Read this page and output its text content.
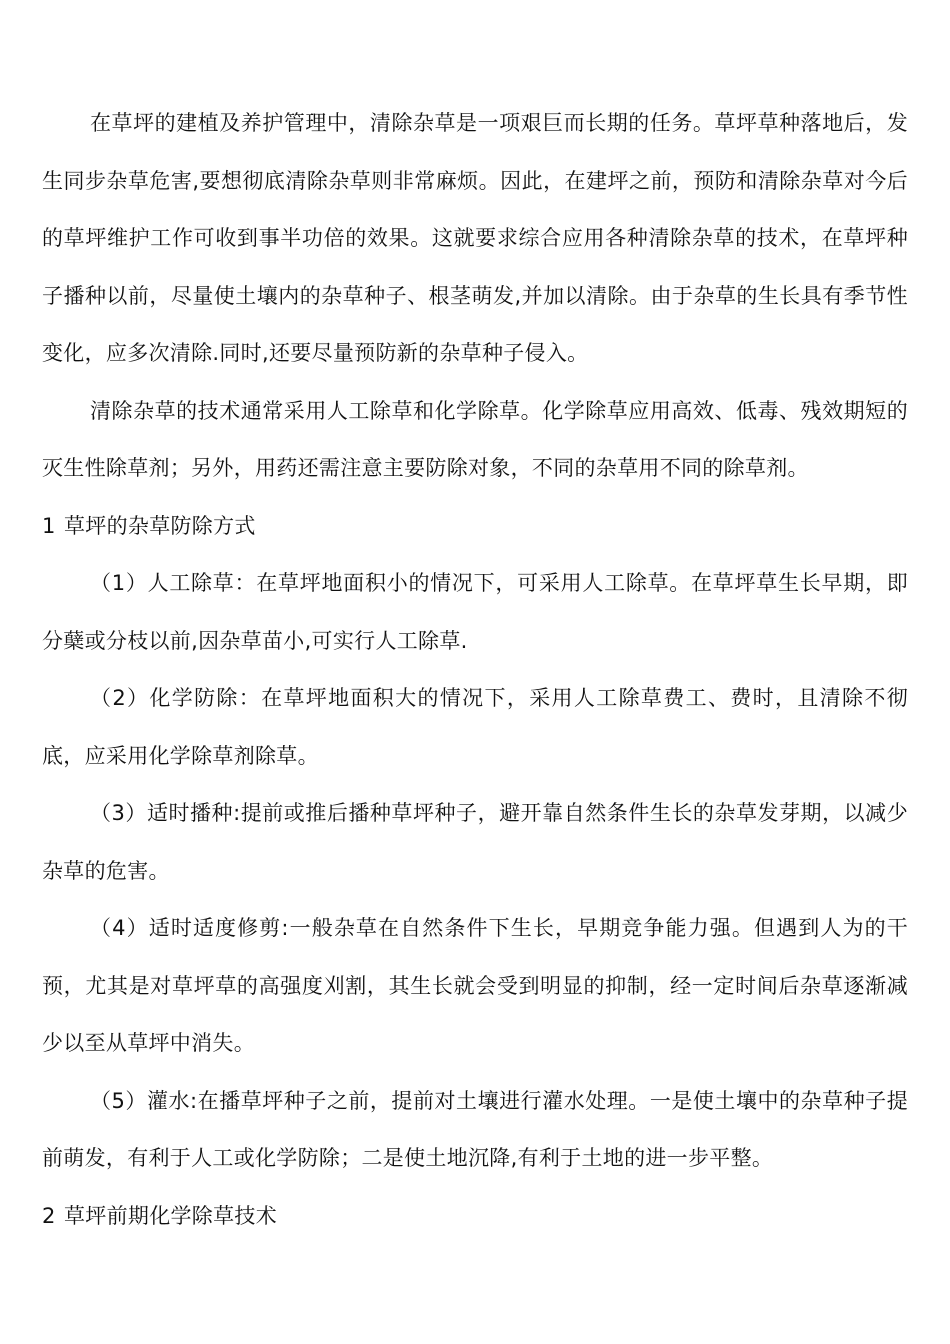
在草坪的建植及养护管理中，清除杂草是一项艰巨而长期的任务。草坪草种落地后，发生同步杂草危害,要想彻底清除杂草则非常麻烦。因此，在建坪之前，预防和清除杂草对今后的草坪维护工作可收到事半功倍的效果。这就要求综合应用各种清除杂草的技术，在草坪种子播种以前，尽量使土壤内的杂草种子、根茎萌发,并加以清除。由于杂草的生长具有季节性变化，应多次清除.同时,还要尽量预防新的杂草种子侵入。

清除杂草的技术通常采用人工除草和化学除草。化学除草应用高效、低毒、残效期短的灭生性除草剂；另外，用药还需注意主要防除对象，不同的杂草用不同的除草剂。

1 草坪的杂草防除方式

（1）人工除草：在草坪地面积小的情况下，可采用人工除草。在草坪草生长早期，即分蘖或分枝以前,因杂草苗小,可实行人工除草.

（2）化学防除：在草坪地面积大的情况下，采用人工除草费工、费时，且清除不彻底，应采用化学除草剂除草。

（3）适时播种:提前或推后播种草坪种子，避开靠自然条件生长的杂草发芽期，以减少杂草的危害。

（4）适时适度修剪:一般杂草在自然条件下生长，早期竞争能力强。但遇到人为的干预，尤其是对草坪草的高强度刈割，其生长就会受到明显的抑制，经一定时间后杂草逐渐减少以至从草坪中消失。

（5）灌水:在播草坪种子之前，提前对土壤进行灌水处理。一是使土壤中的杂草种子提前萌发，有利于人工或化学防除；二是使土地沉降,有利于土地的进一步平整。

2 草坪前期化学除草技术
